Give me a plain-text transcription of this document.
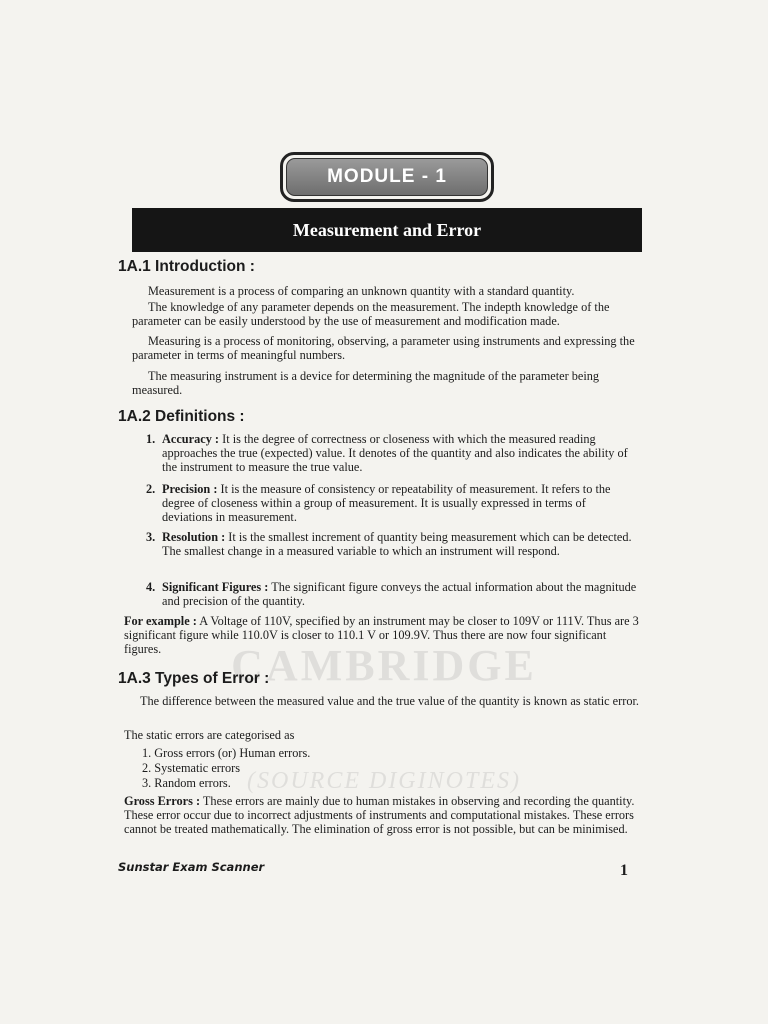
CAMBRIDGE
(SOURCE DIGINOTES)
MODULE - 1
Measurement and Error
1A.1 Introduction :
Measurement is a process of comparing an unknown quantity with a standard quantity.
The knowledge of any parameter depends on the measurement. The indepth knowledge of the parameter can be easily understood by the use of measurement and modification made.
Measuring is a process of monitoring, observing, a parameter using instruments and expressing the parameter in terms of meaningful numbers.
The measuring instrument is a device for determining the magnitude of the parameter being measured.
1A.2 Definitions :
1. Accuracy : It is the degree of correctness or closeness with which the measured reading approaches the true (expected) value. It denotes of the quantity and also indicates the ability of the instrument to measure the true value.
2. Precision : It is the measure of consistency or repeatability of measurement. It refers to the degree of closeness within a group of measurement. It is usually expressed in terms of deviations in measurement.
3. Resolution : It is the smallest increment of quantity being measurement which can be detected. The smallest change in a measured variable to which an instrument will respond.
4. Significant Figures : The significant figure conveys the actual information about the magnitude and precision of the quantity.
For example : A Voltage of 110V, specified by an instrument may be closer to 109V or 111V. Thus are 3 significant figure while 110.0V is closer to 110.1 V or 109.9V. Thus there are now four significant figures.
1A.3 Types of Error :
The difference between the measured value and the true value of the quantity is known as static error.
The static errors are categorised as
1. Gross errors (or) Human errors.
2. Systematic errors
3. Random errors.
Gross Errors : These errors are mainly due to human mistakes in observing and recording the quantity. These error occur due to incorrect adjustments of instruments and computational mistakes. These errors cannot be treated mathematically. The elimination of gross error is not possible, but can be minimised.
Sunstar Exam Scanner	1
